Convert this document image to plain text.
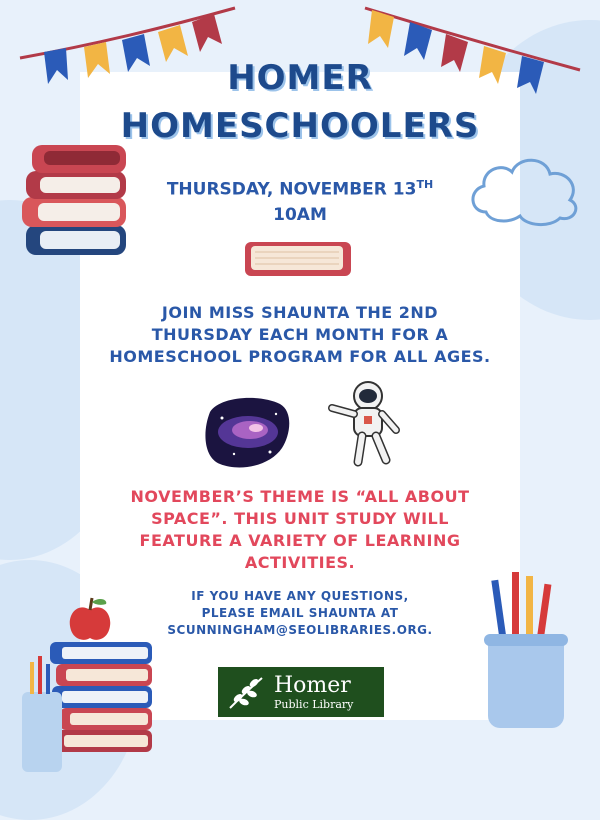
HOMER
HOMESCHOOLERS
THURSDAY, NOVEMBER 13TH
10AM
JOIN MISS SHAUNTA THE 2ND
THURSDAY EACH MONTH FOR A
HOMESCHOOL PROGRAM FOR ALL AGES.
NOVEMBER’S THEME IS “ALL ABOUT
SPACE”. THIS UNIT STUDY WILL
FEATURE A VARIETY OF LEARNING
ACTIVITIES.
IF YOU HAVE ANY QUESTIONS,
PLEASE EMAIL SHAUNTA AT
SCUNNINGHAM@SEOLIBRARIES.ORG.
Homer
Public Library
